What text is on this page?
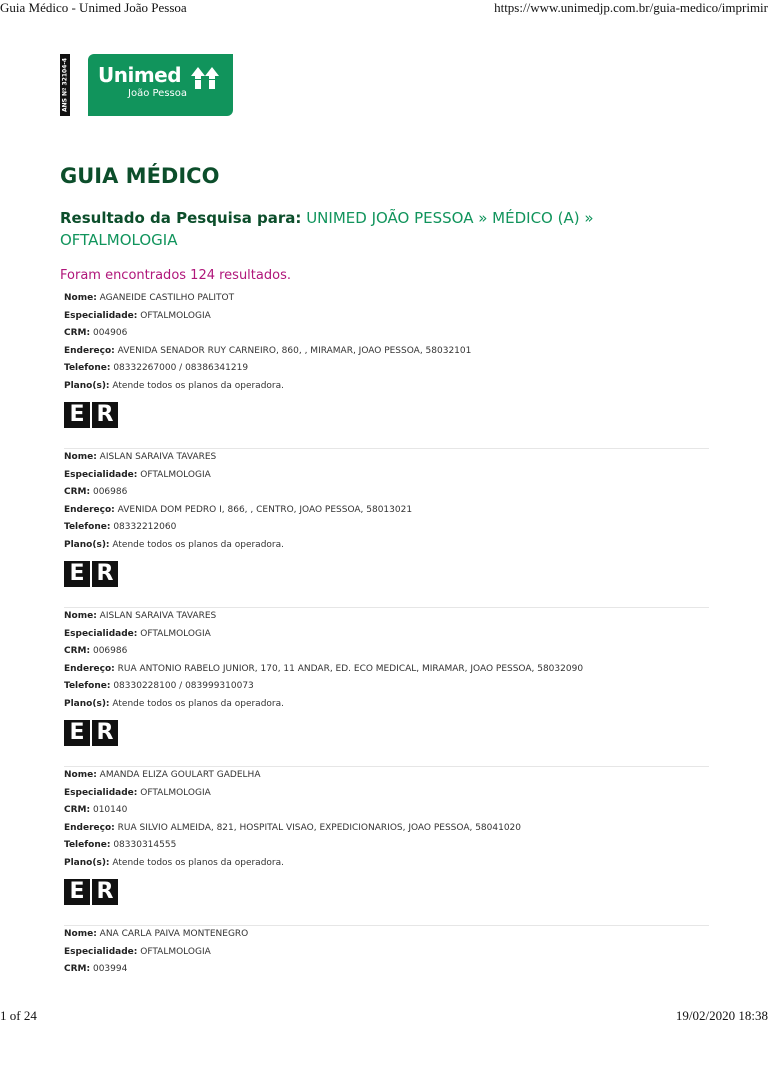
Guia Médico - Unimed João Pessoa	https://www.unimedjp.com.br/guia-medico/imprimir
ANS Nº 32104-4 Unimed
João Pessoa
GUIA MÉDICO
Resultado da Pesquisa para: UNIMED JOÃO PESSOA » MÉDICO (A) » OFTALMOLOGIA
Foram encontrados 124 resultados.
Nome: AGANEIDE CASTILHO PALITOT
Especialidade: OFTALMOLOGIA
CRM: 004906
Endereço: AVENIDA SENADOR RUY CARNEIRO, 860, , MIRAMAR, JOAO PESSOA, 58032101
Telefone: 08332267000 / 08386341219
Plano(s): Atende todos os planos da operadora.
E R
Nome: AISLAN SARAIVA TAVARES
Especialidade: OFTALMOLOGIA
CRM: 006986
Endereço: AVENIDA DOM PEDRO I, 866, , CENTRO, JOAO PESSOA, 58013021
Telefone: 08332212060
Plano(s): Atende todos os planos da operadora.
E R
Nome: AISLAN SARAIVA TAVARES
Especialidade: OFTALMOLOGIA
CRM: 006986
Endereço: RUA ANTONIO RABELO JUNIOR, 170, 11 ANDAR, ED. ECO MEDICAL, MIRAMAR, JOAO PESSOA, 58032090
Telefone: 08330228100 / 083999310073
Plano(s): Atende todos os planos da operadora.
E R
Nome: AMANDA ELIZA GOULART GADELHA
Especialidade: OFTALMOLOGIA
CRM: 010140
Endereço: RUA SILVIO ALMEIDA, 821, HOSPITAL VISAO, EXPEDICIONARIOS, JOAO PESSOA, 58041020
Telefone: 08330314555
Plano(s): Atende todos os planos da operadora.
E R
Nome: ANA CARLA PAIVA MONTENEGRO
Especialidade: OFTALMOLOGIA
CRM: 003994
1 of 24	19/02/2020 18:38
